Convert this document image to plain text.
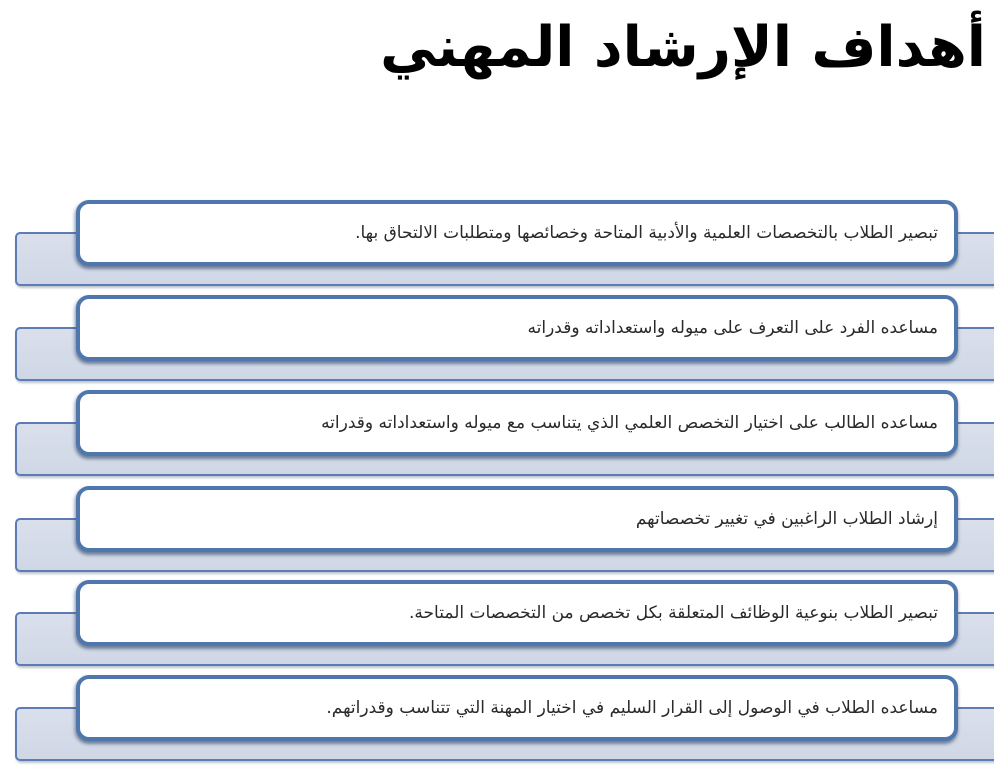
أهداف الإرشاد المهني
تبصير الطلاب بالتخصصات العلمية والأدبية المتاحة وخصائصها ومتطلبات الالتحاق بها.
مساعده الفرد على التعرف على ميوله واستعداداته وقدراته
مساعده الطالب على اختيار التخصص العلمي الذي يتناسب مع ميوله واستعداداته وقدراته
إرشاد الطلاب الراغبين في تغيير تخصصاتهم
تبصير الطلاب بنوعية الوظائف المتعلقة بكل تخصص من التخصصات المتاحة.
مساعده الطلاب في الوصول إلى القرار السليم في اختيار المهنة التي تتناسب وقدراتهم.
